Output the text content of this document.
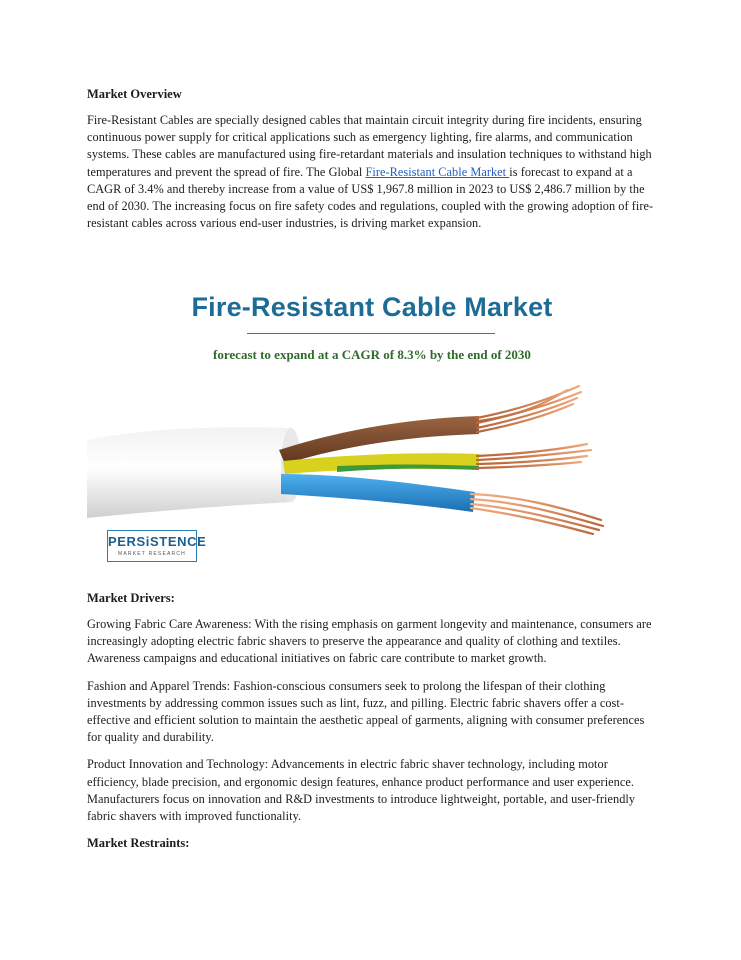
Market Overview

Fire-Resistant Cables are specially designed cables that maintain circuit integrity during fire incidents, ensuring continuous power supply for critical applications such as emergency lighting, fire alarms, and communication systems. These cables are manufactured using fire-retardant materials and insulation techniques to withstand high temperatures and prevent the spread of fire. The Global Fire-Resistant Cable Market is forecast to expand at a CAGR of 3.4% and thereby increase from a value of US$ 1,967.8 million in 2023 to US$ 2,486.7 million by the end of 2030. The increasing focus on fire safety codes and regulations, coupled with the growing adoption of fire-resistant cables across various end-user industries, is driving market expansion.

Fire-Resistant Cable Market
forecast to expand at a CAGR of 8.3% by the end of 2030
PERSiSTENCE
MARKET RESEARCH

Market Drivers:

Growing Fabric Care Awareness: With the rising emphasis on garment longevity and maintenance, consumers are increasingly adopting electric fabric shavers to preserve the appearance and quality of clothing and textiles. Awareness campaigns and educational initiatives on fabric care contribute to market growth.

Fashion and Apparel Trends: Fashion-conscious consumers seek to prolong the lifespan of their clothing investments by addressing common issues such as lint, fuzz, and pilling. Electric fabric shavers offer a cost-effective and efficient solution to maintain the aesthetic appeal of garments, aligning with consumer preferences for quality and durability.

Product Innovation and Technology: Advancements in electric fabric shaver technology, including motor efficiency, blade precision, and ergonomic design features, enhance product performance and user experience. Manufacturers focus on innovation and R&D investments to introduce lightweight, portable, and user-friendly fabric shavers with improved functionality.

Market Restraints:
